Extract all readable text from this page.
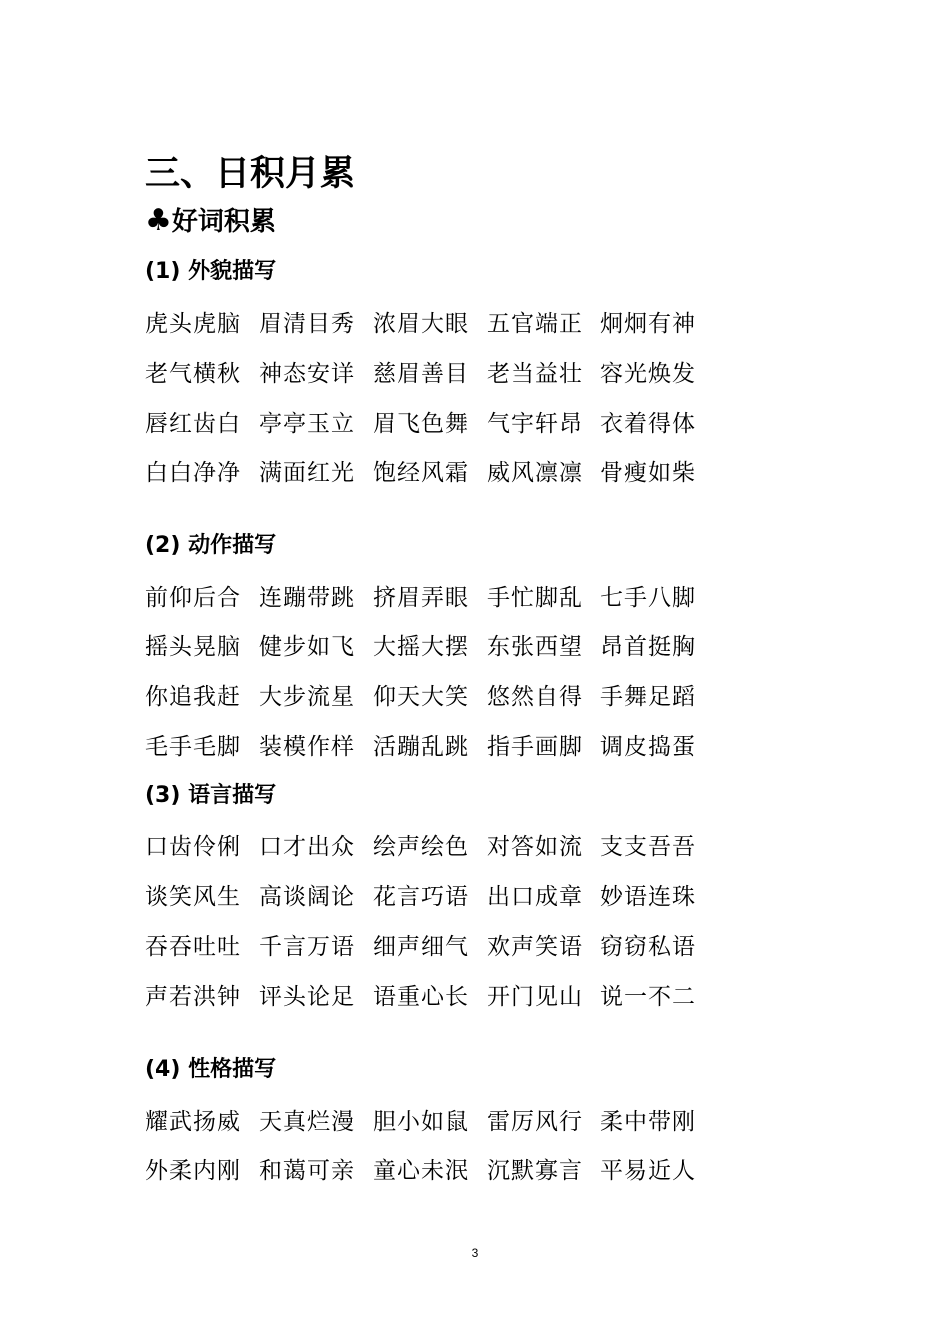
三、日积月累
♣好词积累
(1) 外貌描写
虎头虎脑 眉清目秀 浓眉大眼 五官端正 炯炯有神
老气横秋 神态安详 慈眉善目 老当益壮 容光焕发
唇红齿白 亭亭玉立 眉飞色舞 气宇轩昂 衣着得体
白白净净 满面红光 饱经风霜 威风凛凛 骨瘦如柴
(2) 动作描写
前仰后合 连蹦带跳 挤眉弄眼 手忙脚乱 七手八脚
摇头晃脑 健步如飞 大摇大摆 东张西望 昂首挺胸
你追我赶 大步流星 仰天大笑 悠然自得 手舞足蹈
毛手毛脚 装模作样 活蹦乱跳 指手画脚 调皮捣蛋
(3) 语言描写
口齿伶俐 口才出众 绘声绘色 对答如流 支支吾吾
谈笑风生 高谈阔论 花言巧语 出口成章 妙语连珠
吞吞吐吐 千言万语 细声细气 欢声笑语 窃窃私语
声若洪钟 评头论足 语重心长 开门见山 说一不二
(4) 性格描写
耀武扬威 天真烂漫 胆小如鼠 雷厉风行 柔中带刚
外柔内刚 和蔼可亲 童心未泯 沉默寡言 平易近人
3
